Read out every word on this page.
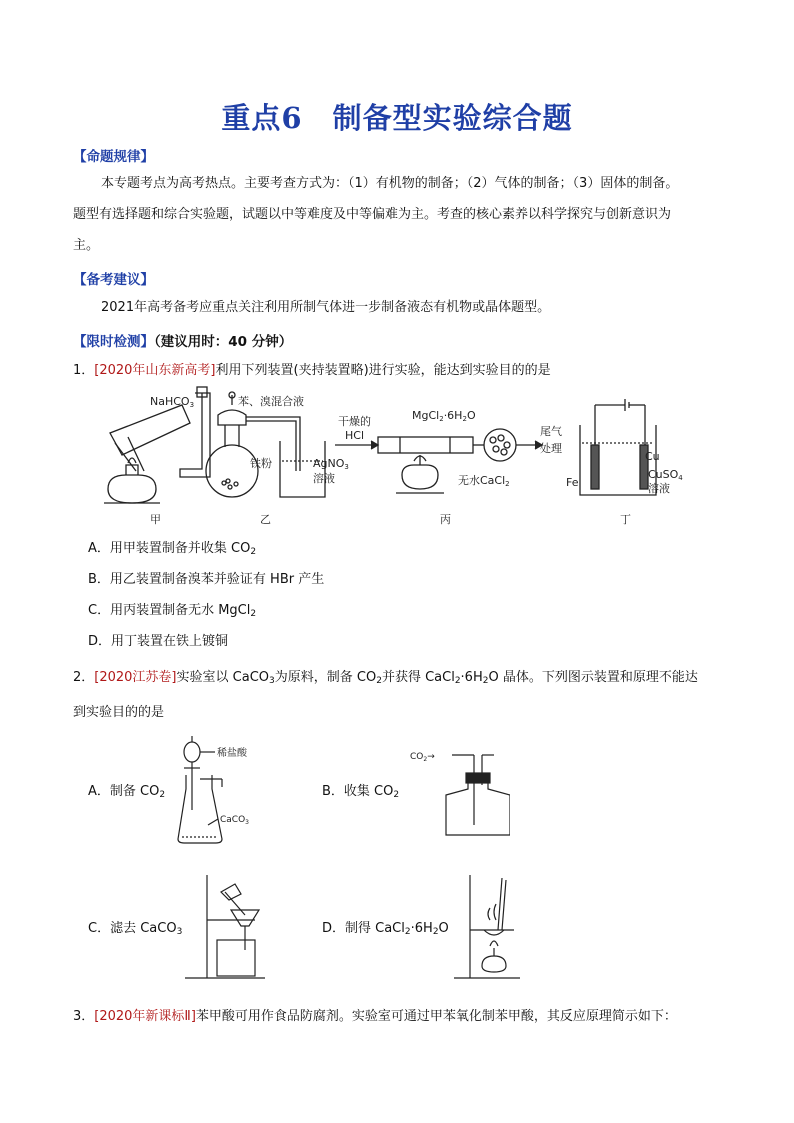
重点6　制备型实验综合题
【命题规律】
本专题考点为高考热点。主要考查方式为：（1）有机物的制备；（2）气体的制备；（3）固体的制备。
题型有选择题和综合实验题，试题以中等难度及中等偏难为主。考查的核心素养以科学探究与创新意识为
主。
【备考建议】
2021年高考备考应重点关注利用所制气体进一步制备液态有机物或晶体题型。
【限时检测】（建议用时：40 分钟）
1．[2020年山东新高考]利用下列装置(夹持装置略)进行实验，能达到实验目的的是
NaHCO3	苯、溴混合液
铁粉	AgNO3
溶液
干燥的
HCl
MgCl2·6H2O
无水CaCl2
尾气
处理
Cu
CuSO4
溶液
Fe
甲	乙	丙	丁
A．用甲装置制备并收集 $CO_2$
B．用乙装置制备溴苯并验证有 HBr 产生
C．用丙装置制备无水 MgCl$_2$
D．用丁装置在铁上镀铜
2．[2020江苏卷]实验室以 CaCO$_3$为原料，制备 $CO_2$并获得 $CaCl_2\cdot 6H_2O$ 晶体。下列图示装置和原理不能达
到实验目的的是
A．制备 $CO_2$
稀盐酸
CaCO$_3$
B．收集 $CO_2$
$CO_2\to$
C．滤去 CaCO$_3$	D．制得 $CaCl_2\cdot 6H_2O$
3．[2020年新课标Ⅱ]苯甲酸可用作食品防腐剂。实验室可通过甲苯氧化制苯甲酸，其反应原理简示如下：
